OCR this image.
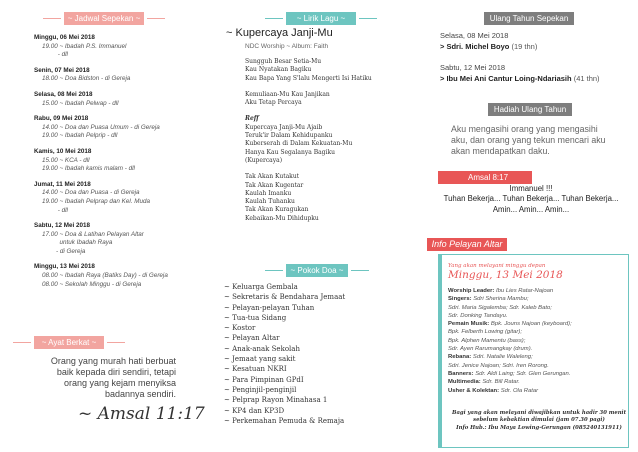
~ Jadwal Sepekan ~
Minggu, 06 Mei 2018
19.00 ~ Ibadah P.S. Immanuel
- dll
Senin, 07 Mei 2018
18.00 ~ Doa Bidston - di Gereja
Selasa, 08 Mei 2018
15.00 ~ Ibadah Pelwap - dll
Rabu, 09 Mei 2018
14.00 ~ Doa dan Puasa Umum - di Gereja
19.00 ~ Ibadah Pelprip - dll
Kamis, 10 Mei 2018
15.00 ~ KCA - dll
19.00 ~ Ibadah kamis malam - dll
Jumat, 11 Mei 2018
14.00 ~ Doa dan Puasa - di Gereja
19.00 ~ Ibadah Pelprap dan Kel. Muda
- dll
Sabtu, 12 Mei 2018
17.00 ~ Doa & Latihan Pelayan Altar
untuk Ibadah Raya
- di Gereja
Minggu, 13 Mei 2018
08.00 ~ Ibadah Raya (Batiks Day) - di Gereja
08.00 ~ Sekolah Minggu - di Gereja
~ Ayat Berkat ~
Orang yang murah hati berbuat baik kepada diri sendiri, tetapi orang yang kejam menyiksa badannya sendiri.
~ Amsal 11:17
~ Lirik Lagu ~
~ Kupercaya Janji-Mu
NDC Worship ~ Album: Faith
Sungguh Besar Setia-Mu
Kau Nyatakan Bagiku
Kau Bapa Yang S'lalu Mengerti Isi Hatiku
Kemuliaan-Mu Kau Janjikan
Aku Tetap Percaya
Reff
Kupercaya Janji-Mu Ajaib
Teruk'ir Dalam Kehidupanku
Kuberserah di Dalam Kekuatan-Mu
Hanya Kau Segalanya Bagiku
(Kupercaya)
Tak Akan Kutakut
Tak Akan Kugentar
Kaulah Imanku
Kaulah Tuhanku
Tak Akan Kuragukan
Kebaikan-Mu Dihidupku
~ Pokok Doa ~
~ Keluarga Gembala
~ Sekretaris & Bendahara Jemaat
~ Pelayan-pelayan Tuhan
~ Tua-tua Sidang
~ Kostor
~ Pelayan Altar
~ Anak-anak Sekolah
~ Jemaat yang sakit
~ Kesatuan NKRI
~ Para Pimpinan GPdI
~ Penginjil-penginjil
~ Pelprap Rayon Minahasa 1
~ KP4 dan KP3D
~ Perkemahan Pemuda & Remaja
Ulang Tahun Sepekan
Selasa, 08 Mei 2018
> Sdri. Michel Boyo (19 thn)
Sabtu, 12 Mei 2018
> Ibu Mei Ani Cantur Loing-Ndariasih (41 thn)
Hadiah Ulang Tahun
Aku mengasihi orang yang mengasihi aku, dan orang yang tekun mencari aku akan mendapatkan daku.
Amsal 8:17
Immanuel !!!
Tuhan Bekerja... Tuhan Bekerja... Tuhan Bekerja...
Amin... Amin... Amin...
Info Pelayan Altar
Yang akan melayani minggu depan
Minggu, 13 Mei 2018
Worship Leader: Ibu Lies Ratar-Najoan
Singers: Sdri Sherina Mambu;
Sdri. Maria Sigalemba; Sdr. Kaleb Bato;
Sdr. Donking Tandayu.
Pemain Musik: Bpk. Jouns Najoan (keyboard);
Bpk. Felberth Lowing (gitar);
Bpk. Alphen Mamentu (bass);
Sdr. Ayen Rarumangkay (drum).
Rebana: Sdri. Natalie Waleleng;
Sdri. Jenice Najoan; Sdri. Iren Rorong.
Banners: Sdr. Aldi Laing; Sdr. Glen Gerungan.
Multimedia: Sdr. Bill Ratar.
Usher & Kolektan: Sdr. Ola Ratar
Bagi yang akan melayani diwajibkan untuk hadir 30 menit sebelum kebaktian dimulai (jam 07.30 pagi)
Info Hub.: Ibu Maya Lowing-Gerungan (085240131911)
